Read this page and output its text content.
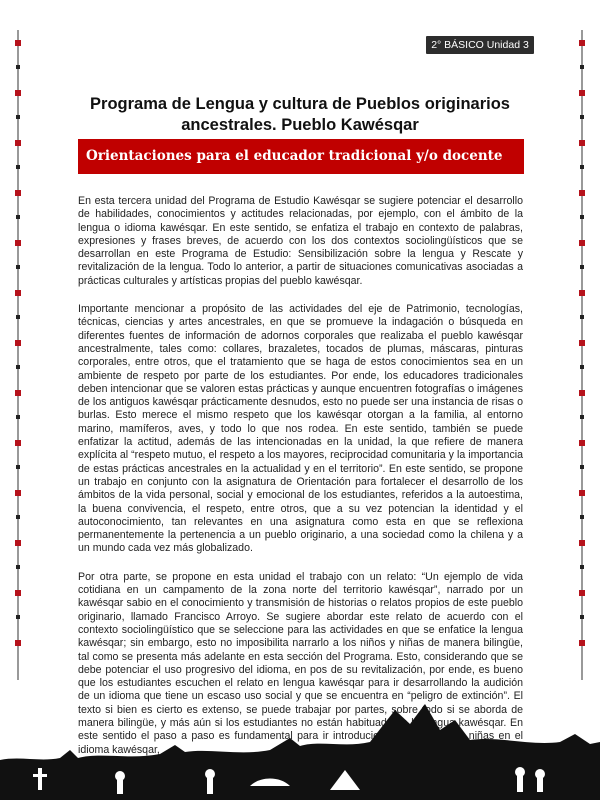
2° BÁSICO Unidad 3
Programa de Lengua y cultura de Pueblos originarios ancestrales. Pueblo Kawésqar
Orientaciones para el educador tradicional y/o docente

En esta tercera unidad del Programa de Estudio Kawésqar se sugiere potenciar el desarrollo de habilidades, conocimientos y actitudes relacionadas, por ejemplo, con el ámbito de la lengua o idioma kawésqar. En este sentido, se enfatiza el trabajo en contexto de palabras, expresiones y frases breves, de acuerdo con los dos contextos sociolingüísticos que se desarrollan en este Programa de Estudio: Sensibilización sobre la lengua y Rescate y revitalización de la lengua. Todo lo anterior, a partir de situaciones comunicativas asociadas a prácticas culturales y artísticas propias del pueblo kawésqar.

Importante mencionar a propósito de las actividades del eje de Patrimonio, tecnologías, técnicas, ciencias y artes ancestrales, en que se promueve la indagación o búsqueda en diferentes fuentes de información de adornos corporales que realizaba el pueblo kawésqar ancestralmente, tales como: collares, brazaletes, tocados de plumas, máscaras, pinturas corporales, entre otros, que el tratamiento que se haga de estos conocimientos sea en un ambiente de respeto por parte de los estudiantes. Por ende, los educadores tradicionales deben intencionar que se valoren estas prácticas y aunque encuentren fotografías o imágenes de los antiguos kawésqar prácticamente desnudos, esto no puede ser una instancia de risas o burlas. Esto merece el mismo respeto que los kawésqar otorgan a la familia, al entorno marino, mamíferos, aves, y todo lo que nos rodea. En este sentido, también se puede enfatizar la actitud, además de las intencionadas en la unidad, la que refiere de manera explícita al “respeto mutuo, el respeto a los mayores, reciprocidad comunitaria y la importancia de estas prácticas ancestrales en la actualidad y en el territorio”. En este sentido, se propone un trabajo en conjunto con la asignatura de Orientación para fortalecer el desarrollo de los ámbitos de la vida personal, social y emocional de los estudiantes, referidos a la autoestima, la buena convivencia, el respeto, entre otros, que a su vez potencian la identidad y el autoconocimiento, tan relevantes en una asignatura como esta en que se reflexiona permanentemente la pertenencia a un pueblo originario, a una sociedad como la chilena y a un mundo cada vez más globalizado.

Por otra parte, se propone en esta unidad el trabajo con un relato: “Un ejemplo de vida cotidiana en un campamento de la zona norte del territorio kawésqar”, narrado por un kawésqar sabio en el conocimiento y transmisión de historias o relatos propios de este pueblo originario, llamado Francisco Arroyo. Se sugiere abordar este relato de acuerdo con el contexto sociolingüístico que se seleccione para las actividades en que se enfatice la lengua kawésqar; sin embargo, esto no imposibilita narrarlo a los niños y niñas de manera bilingüe, tal como se presenta más adelante en esta sección del Programa. Esto, considerando que se debe potenciar el uso progresivo del idioma, en pos de su revitalización, por ende, es bueno que los estudiantes escuchen el relato en lengua kawésqar para ir desarrollando la audición de un idioma que tiene un escaso uso social y que se encuentra en “peligro de extinción”. El texto si bien es cierto es extenso, se puede trabajar por partes, sobre todo si se aborda de manera bilingüe, y más aún si los estudiantes no están habituados a la lengua kawésqar. En este sentido el paso a paso es fundamental para ir introduciendo a los niños y niñas en el idioma kawésqar,
